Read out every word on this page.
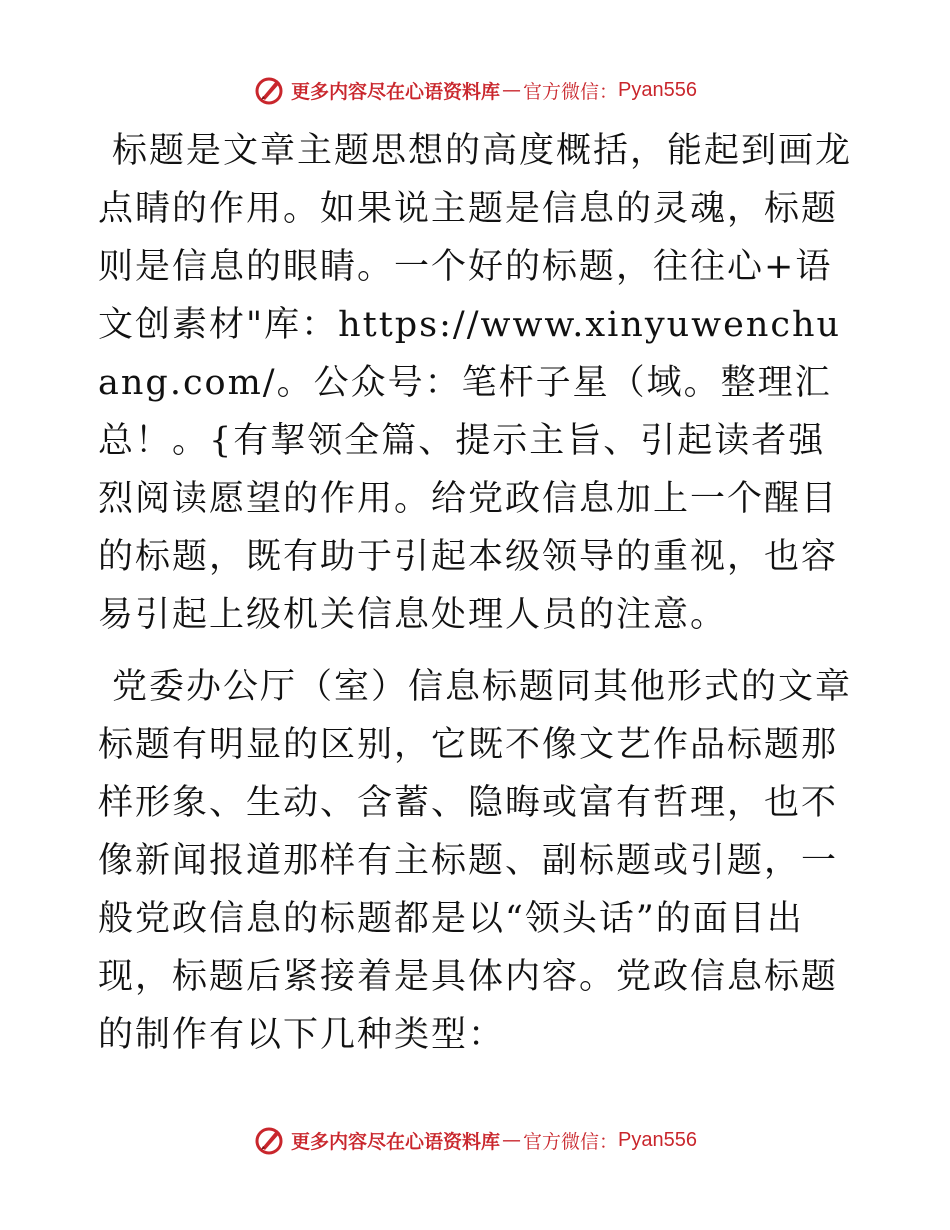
更多内容尽在心语资料库 — 官方微信： Pyan556

标题是文章主题思想的高度概括，能起到画龙点睛的作用。如果说主题是信息的灵魂，标题则是信息的眼睛。一个好的标题，往往心+语文创素材"库：https://www.xinyuwenchuang.com/。公众号：笔杆子星（域。整理汇总！。{有挈领全篇、提示主旨、引起读者强烈阅读愿望的作用。给党政信息加上一个醒目的标题，既有助于引起本级领导的重视，也容易引起上级机关信息处理人员的注意。

党委办公厅（室）信息标题同其他形式的文章标题有明显的区别，它既不像文艺作品标题那样形象、生动、含蓄、隐晦或富有哲理，也不像新闻报道那样有主标题、副标题或引题，一般党政信息的标题都是以“领头话”的面目出现，标题后紧接着是具体内容。党政信息标题的制作有以下几种类型：

更多内容尽在心语资料库 — 官方微信： Pyan556
